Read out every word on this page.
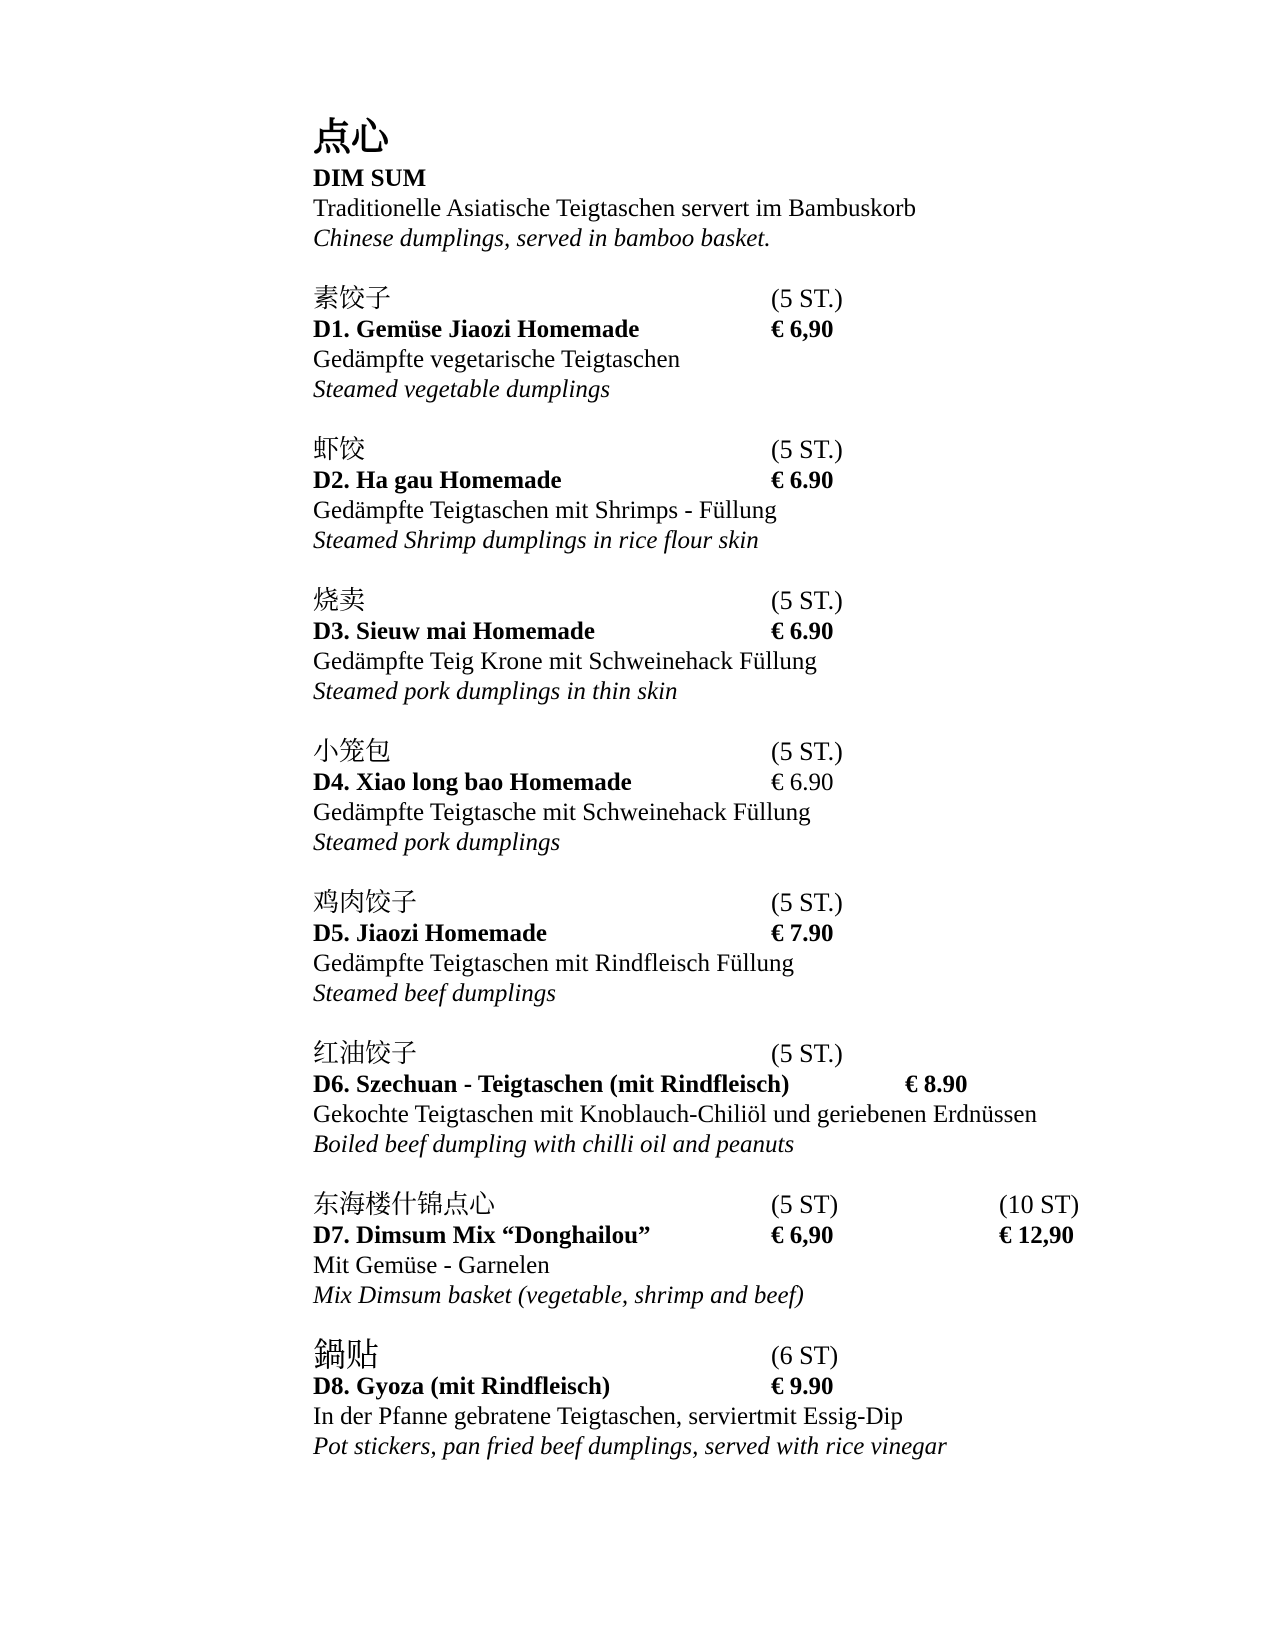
点心
DIM SUM
Traditionelle Asiatische Teigtaschen servert im Bambuskorb
Chinese dumplings, served in bamboo basket.
素饺子	(5 ST.)
D1. Gemüse Jiaozi Homemade	€ 6,90
Gedämpfte vegetarische Teigtaschen
Steamed vegetable dumplings
虾饺	(5 ST.)
D2. Ha gau Homemade	€ 6.90
Gedämpfte Teigtaschen mit Shrimps - Füllung
Steamed Shrimp dumplings in rice flour skin
烧卖	(5 ST.)
D3. Sieuw mai Homemade	€ 6.90
Gedämpfte Teig Krone mit Schweinehack Füllung
Steamed pork dumplings in thin skin
小笼包	(5 ST.)
D4. Xiao long bao Homemade	€ 6.90
Gedämpfte Teigtasche mit Schweinehack Füllung
Steamed pork dumplings
鸡肉饺子	(5 ST.)
D5. Jiaozi Homemade	€ 7.90
Gedämpfte Teigtaschen mit Rindfleisch Füllung
Steamed beef dumplings
红油饺子	(5 ST.)
D6. Szechuan - Teigtaschen (mit Rindfleisch)	€ 8.90
Gekochte Teigtaschen mit Knoblauch-Chiliöl und geriebenen Erdnüssen
Boiled beef dumpling with chilli oil and peanuts
东海楼什锦点心	(5 ST)	(10 ST)
D7. Dimsum Mix “Donghailou”	€ 6,90	€ 12,90
Mit Gemüse - Garnelen
Mix Dimsum basket (vegetable, shrimp and beef)
鍋贴	(6 ST)
D8. Gyoza (mit Rindfleisch)	€ 9.90
In der Pfanne gebratene Teigtaschen, serviertmit Essig-Dip
Pot stickers, pan fried beef dumplings, served with rice vinegar
